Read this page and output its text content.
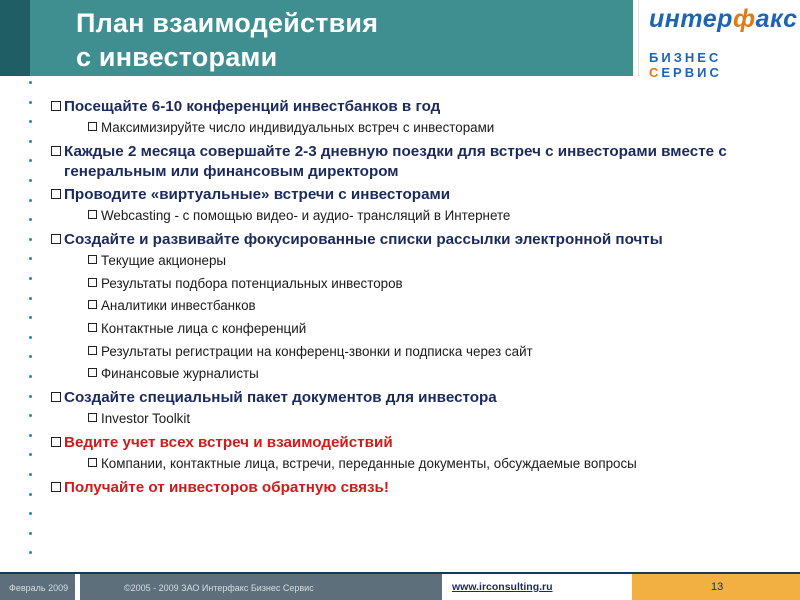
План взаимодействия
с инвесторами
интерфакс
БИЗНЕС СЕРВИС
Посещайте 6-10 конференций инвестбанков в год
Максимизируйте число индивидуальных встреч с инвесторами
Каждые 2 месяца совершайте 2-3 дневную поездки для встреч с инвесторами вместе с генеральным или финансовым директором
Проводите «виртуальные» встречи с инвесторами
Webcasting - с помощью видео- и аудио- трансляций в Интернете
Создайте и развивайте фокусированные списки рассылки электронной почты
Текущие акционеры
Результаты подбора потенциальных инвесторов
Аналитики инвестбанков
Контактные лица с конференций
Результаты регистрации на конференц-звонки и подписка через сайт
Финансовые журналисты
Создайте специальный пакет документов для инвестора
Investor Toolkit
Ведите учет всех встреч и взаимодействий
Компании, контактные лица, встречи, переданные документы, обсуждаемые вопросы
Получайте от инвесторов обратную связь!
Февраль 2009	©2005 - 2009 ЗАО Интерфакс Бизнес Сервис	www.irconsulting.ru	13
